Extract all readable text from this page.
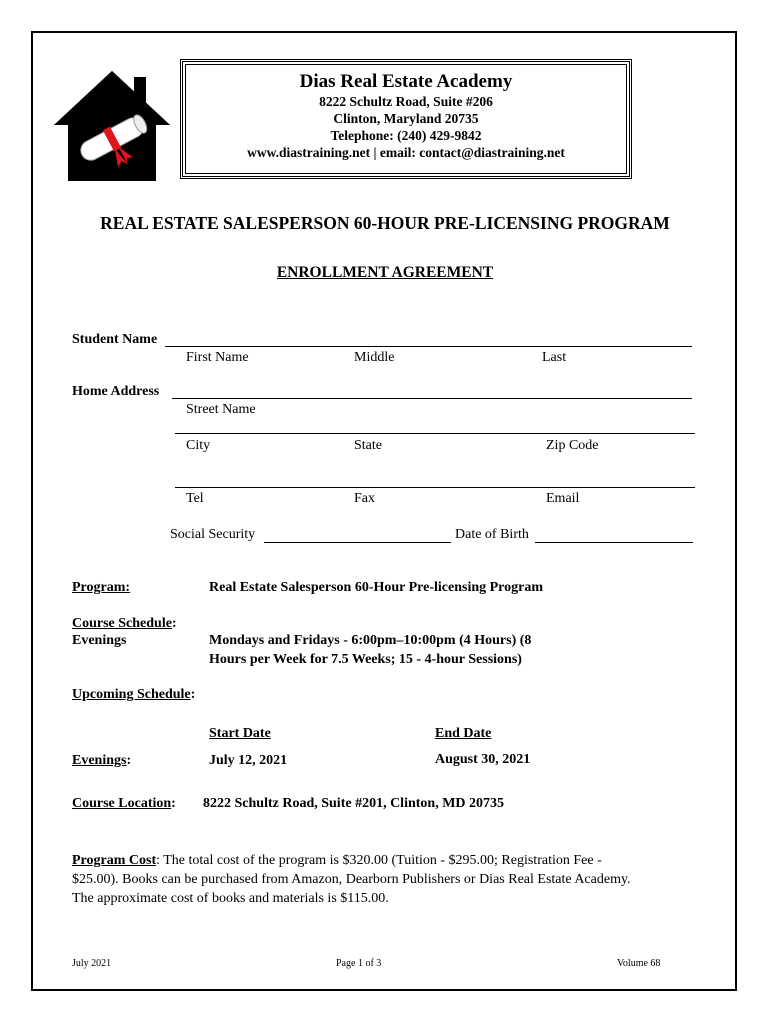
Dias Real Estate Academy
8222 Schultz Road, Suite #206
Clinton, Maryland 20735
Telephone: (240) 429-9842
www.diastraining.net | email: contact@diastraining.net
REAL ESTATE SALESPERSON 60-HOUR PRE-LICENSING PROGRAM
ENROLLMENT AGREEMENT
Student Name
First Name	Middle	Last
Home Address
Street Name
City	State	Zip Code
Tel	Fax	Email
Social Security	Date of Birth
Program:	Real Estate Salesperson 60-Hour Pre-licensing Program
Course Schedule:
Evenings	Mondays and Fridays - 6:00pm–10:00pm (4 Hours) (8
Hours per Week for 7.5 Weeks; 15 - 4-hour Sessions)
Upcoming Schedule:
Start Date	End Date
Evenings:	July 12, 2021	August 30, 2021
Course Location: 8222 Schultz Road, Suite #201, Clinton, MD 20735
Program Cost: The total cost of the program is $320.00 (Tuition - $295.00; Registration Fee -
$25.00). Books can be purchased from Amazon, Dearborn Publishers or Dias Real Estate Academy.
The approximate cost of books and materials is $115.00.
July 2021	Page 1 of 3	Volume 68
